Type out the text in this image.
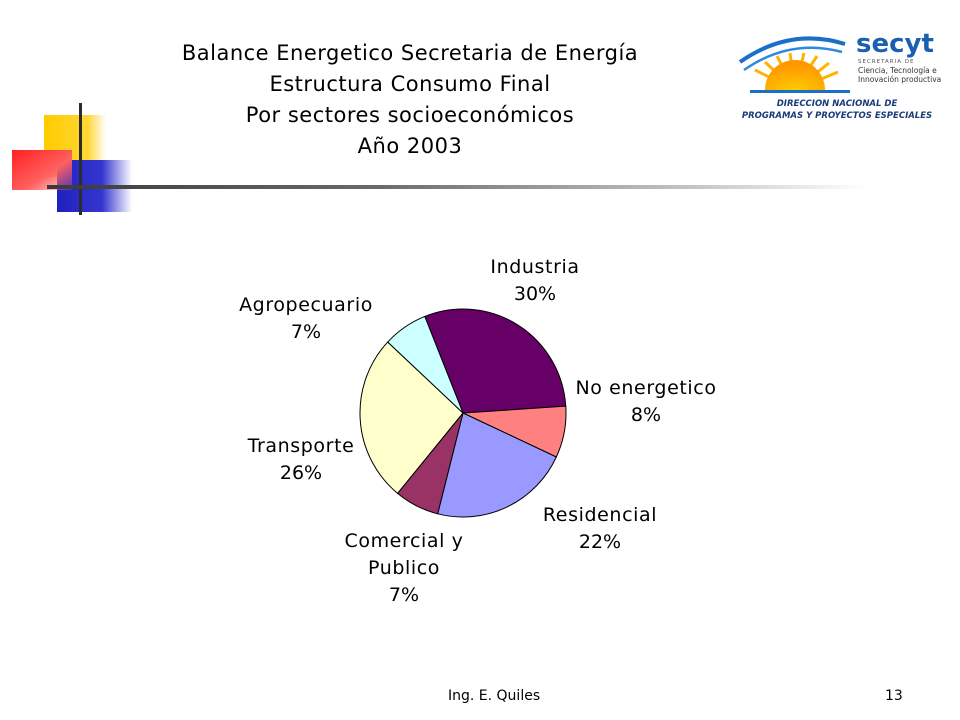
Balance Energetico Secretaria de Energía
Estructura Consumo Final
Por sectores socioeconómicos
Año 2003
secyt
SECRETARIA DE
Ciencia, Tecnología e
Innovación productiva
DIRECCION NACIONAL DE
PROGRAMAS Y PROYECTOS ESPECIALES
Industria 30%
No energetico 8%
Residencial 22%
Comercial y Publico 7%
Transporte 26%
Agropecuario 7%
Ing. E. Quiles	13
